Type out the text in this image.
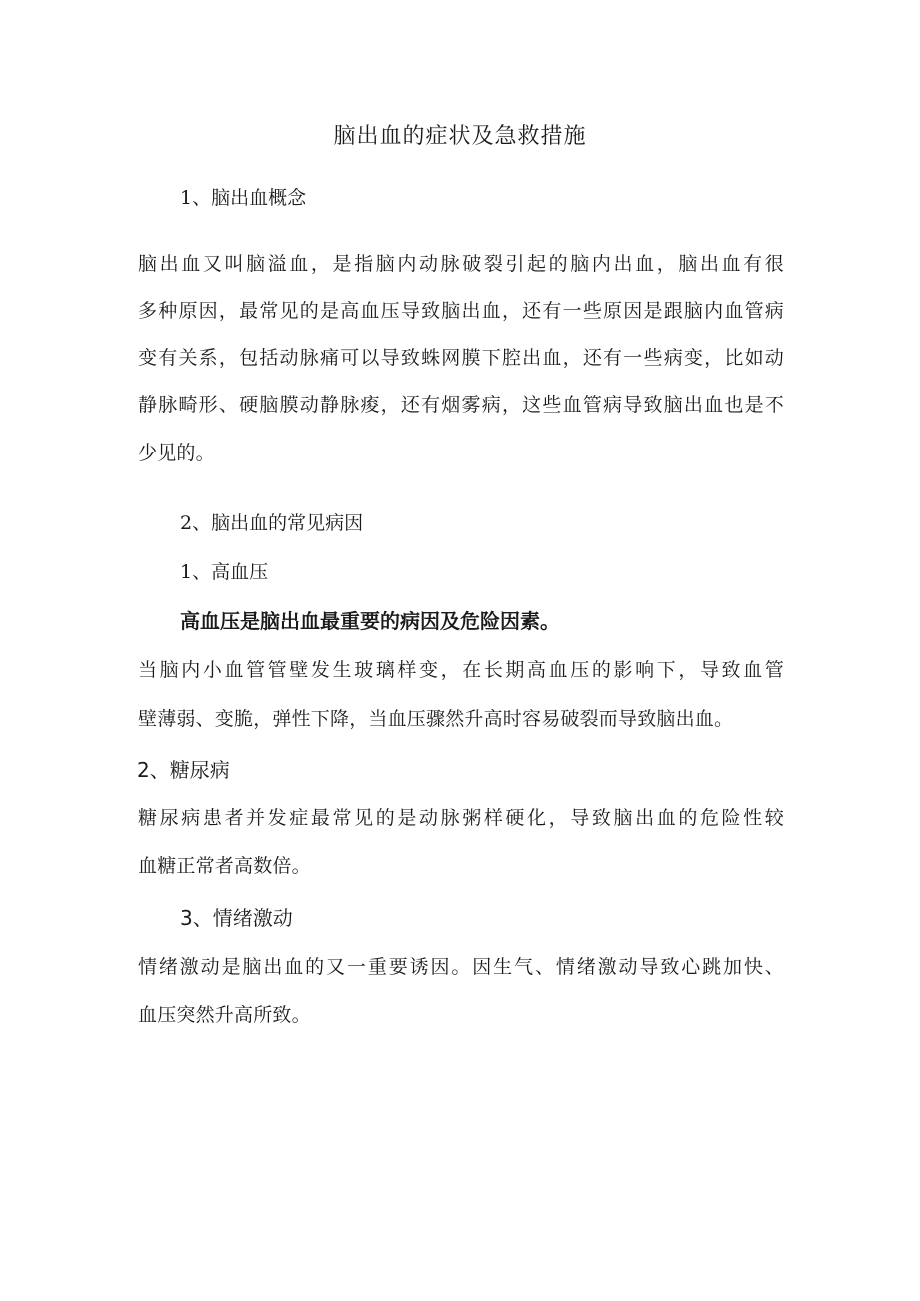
脑出血的症状及急救措施
1、脑出血概念
脑出血又叫脑溢血，是指脑内动脉破裂引起的脑内出血，脑出血有很
多种原因，最常见的是高血压导致脑出血，还有一些原因是跟脑内血管病
变有关系，包括动脉痛可以导致蛛网膜下腔出血，还有一些病变，比如动
静脉畸形、硬脑膜动静脉痠，还有烟雾病，这些血管病导致脑出血也是不
少见的。
2、脑出血的常见病因
1、高血压
高血压是脑出血最重要的病因及危险因素。
当脑内小血管管壁发生玻璃样变，在长期高血压的影响下，导致血管
壁薄弱、变脆，弹性下降，当血压骤然升高时容易破裂而导致脑出血。
2、糖尿病
糖尿病患者并发症最常见的是动脉粥样硬化，导致脑出血的危险性较
血糖正常者高数倍。
3、情绪激动
情绪激动是脑出血的又一重要诱因。因生气、情绪激动导致心跳加快、
血压突然升高所致。
